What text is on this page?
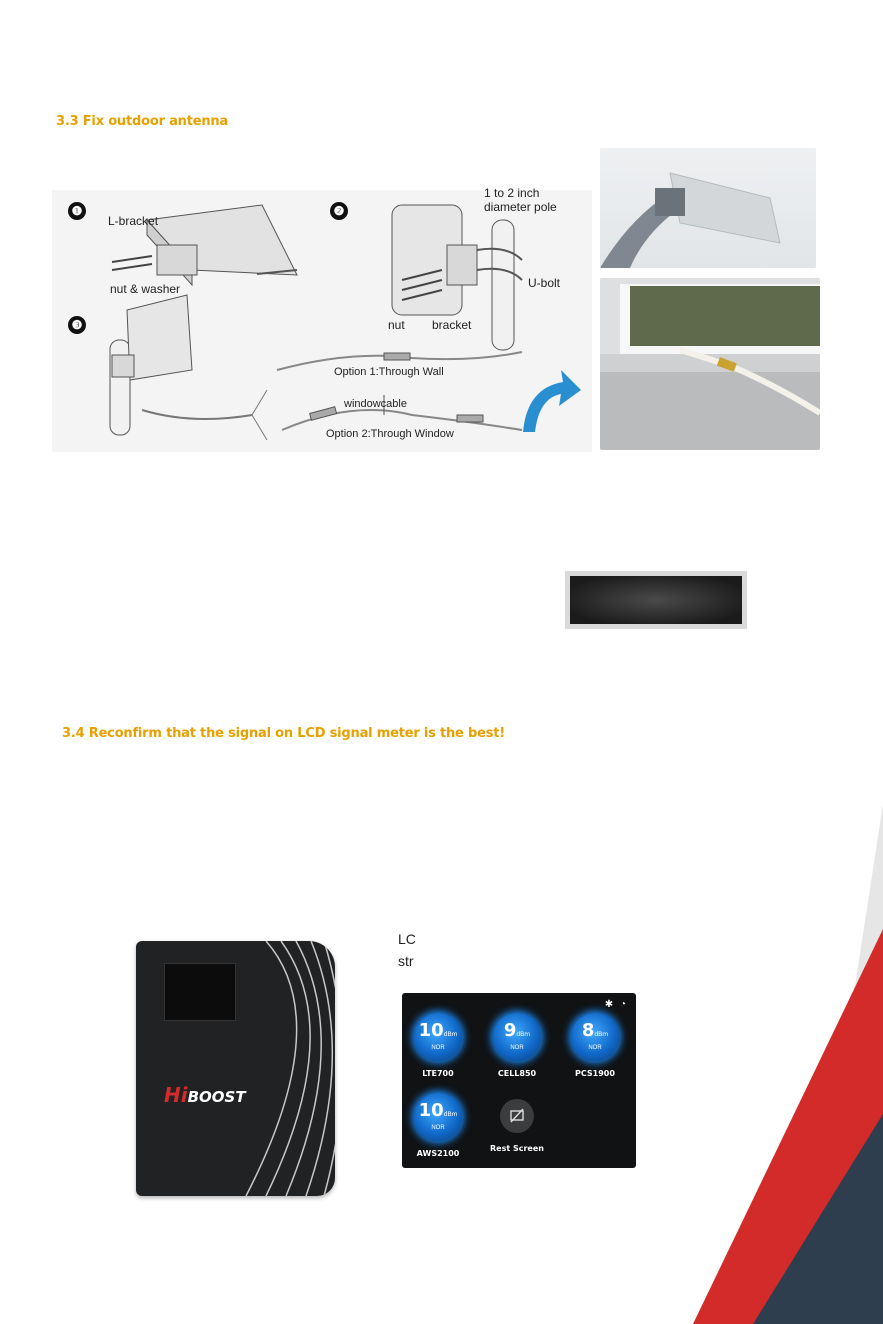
3.3 Fix outdoor antenna
❶	❷
❸
L-bracket
nut & washer
1 to 2 inch
diameter pole
U-bolt
nut bracket
Option 1:Through Wall
windowcable
Option 2:Through Window
3.4 Reconfirm that the signal on LCD signal meter is the best!
HiBOOST
LC
str
✱ ◔
10dBm
NOR
LTE700
9dBm
NOR
CELL850
8dBm
NOR
PCS1900
10dBm
NOR
AWS2100
Rest Screen
